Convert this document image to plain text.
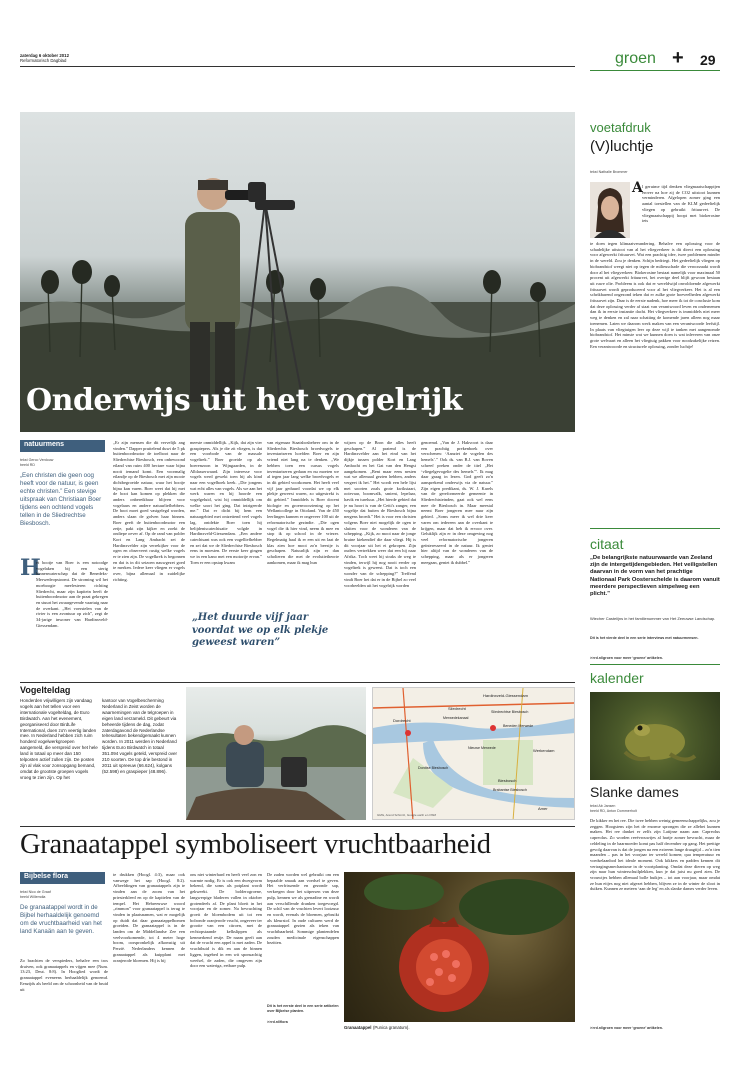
zaterdag 6 oktober 2012
Reformatorisch Dagblad	groen + 29
Onderwijs uit het vogelrijk
natuurmens
tekst Gerco Verdouw
beeld RD
„Een christen die geen oog heeft voor de natuur, is geen echte christen.” Een stevige uitspraak van Christiaan Boer tijdens een ochtend vogels tellen in de Sliedrechtse Biesbosch.
H
et bootje van Boer is een notoodge vogelaken bij een sterig binnenwaterschap dat de Benedeks-Merwedeopstoomt. De stroming wil het moeboogie meelesteren richting Sliedrecht, maar zijn kapitein heeft de buitenboordmotor aan de praat gekregen en stuurt het zwaargevende vaartuig naar de overkant. „Het voerstelen van de rivier is een avontuur op zich”, zegt de 34-jarige inwoner van Hardinxveld-Giessendam.
„Er zijn mensen die dit vervelijk ang vinden.” Dapper pruttelend duwt de 5 pk buitenboordmotor de toelboot naar de Sliedrechtse Biesbosch, een onbewoond eiland van ruim 400 hectare waar bijna nooit iemand komt. Een voormalig eilandje op de Biesbosch met zijn mooie dichtbegroeide natuur, waar het bootje bijna kan varen. Boer weet dat hij met de boot kan komen op plekken die anders onbereikbaar blijven voor vogelaars en andere natuurliefhebbers. De boot moet goed vastgelegd worden, anders slaan de golven haar binnen. Boer geeft de buitenboordmotor een zetje, pakt zijn kijker en zoekt de ondiepe oever af. Op de rand van polder Kort en Lang Ambacht zet de Hardinxvelder zijn verrekijker voor de ogen en observeert rustig welke vogels er te zien zijn. De vogelkrek is begonnen en dat is in dit seizoen nauwgezet goed te merken. Iedere keer vliegen er vogels over, bijna allemaal in zuidelijke richting.
meeste onmiddellijk. „Kijk, dat zijn vier graspiepers. Als je die zit vliegen, is dat een voorbode van de massale vogeltrek.” Boer groeide op als boerenzoon in Wijngaarden, in de Alblasserwaard. Zijn interesse voor vogels werd gewekt toen hij als kind naar een vogelboek keek. „Die jongens wat echt alles van vogels. Als we aan het werk waren en hij hoorde een vogelgeluid, wist hij onmiddellijk om welke soort het ging. Dat intrigeerde me.” Dat er dicht bij hem een natuurgebied met ontzettend veel vogels lag, ontdekte Boer toen hij belijdeniscatechisatie volgde in Hardinxveld-Giessendam. „Een andere catechisant was ook een vogelliefhebber en zei dat we de Sliedrechtse Biesbosch eens in moesten. De eerste keer gingen we in een kano met een motortje ervan.” Toen er een opstap kwam
van eigenaar Staatsbosbeheer om in de Sliedrechts Biesbosch broedvogels te inventariseren hoefden Boer en zijn vriend niet lang na te denken. „We hebben toen een cursus vogels inventariseren gedaan en nu moeten we al tegen jaar lang welke broedvogels er in dit gebied voorkomen. Het heeft veel vijf jaar geduurd voordat we op elk plekje geweest waren, zo uitgestrekt is dit gebied.” Inmiddels is Boer docent biologie en groenvoorziening op het Wellantcollege in Ottoland. Van de 450 leerlingen kunnen er ongeveer 100 uit de reformatorische gezindte. „Die ogen vogel die ik hier vind, neem ik mee en stop ik op school in de vriezer. Regelmatig haal ik er een uit en laat de klas zien hoe mooi zo'n beestje is geschapen. Natuurlijk zijn er dan scholieren die met de evolutietheorie aankomen, maar ik mag hun
wijzen op de Bron die alles heeft geschapen.” Al pratend is de Hardinxvelder aan het eind van het dijkje tussen polder Kort en Lang Ambacht en het Gat van den Hengst aangekomen. „Bent maar eens nesten wat we allemaal gezien hebben, anders vergeet ik het.” Het wordt een hele lijst met soorten zoals grote kwikstaart, ooievaar, boomvalk, smient, lepelaar, havik en tureluur. „Het hierde gebied dat je nu hoort is van de Cetti's zanger, een vogeltje dat buiten de Biesbosch bijna nergens broedt.” Het is voor een christen volgens Boer niet mogelijk de ogen te sluiten voor de wonderen van de schepping. „Kijk, zo mooi naar de jonge bruine kiekendief die daar vliegt. Hij is dit voorjaar uit het ei gekropen. Zijn ouders vertrekken weer dat een hij naar Afrika. Toch weet hij straks de weg te vinden, terwijl hij nog nooit eerder op vogeltrek is geweest. Dat is toch een wonder van de schepping?” Treffend vindt Boer het dat er in de Bijbel zo veel voorbeelden uit het vogelrijk worden
genoemd. „Van de J. Hakvoort is daar een prachtig prekenboek over verschenen: ‘Aanziet de vogelen des hemels’.” Ook ds. van B.J. van Boven schreef preken onder de titel „Het ‘vliegelgevogelte des hemels’”. Ik mag daar graag in lezen. God geeft zo'n aansprekend onderwijs via de natuur.” Zijn eigen predikant, ds. W. J. Karels van de gereformeerde gemeente in Sliedrechtsteinden, gaat ook wel eens mee de Biesbosch in. Maar meestal neemt Boer jongeren mee naar zijn gebied. „Soms meer ik wel drie keer varen om iedereen aan de overkant te krijgen, maar dat heb ik ervoor over. Geluklijk zijn er in deze omgeving nog veel reformatorische jongeren geïnteresseerd in de natuur. Ik geniet hier altijd van de wonderen van de schepping, maar als er jongeren meegaan, geniet ik dubbel.”
„Het duurde vijf jaar voordat we op elk plekje geweest waren”
Vogelteldag
Honderden vrijwilligers zijn vandaag vogels aan het tellen voor een internationale vogelteldag, de Euro Birdwatch. Aan het evenement, georganiseerd door BirdLife International, doen zo'n veertig landen mee. In Nederland hebben zich ruim honderd vogelwerkgroepen aangemeld, die verspreid over het hele land in totaal op meer dan 150 telposten actief zullen zijn. De posten zijn al vlak voor zonsopgang bemand, omdat de grootste groepen vogels vroeg te zien zijn. Op het
kantoor van Vogelbescherming Nederland in Zeist worden de waarnemingen van de telgroepen in eigen land verzameld. Dit gebeurt via beheerde tijdens de dag, zodat zaterdagavond de Nederlandse telresultaten bekendgemaakt kunnen worden. In 2011 werden in Nederland tijdens Euro Birdwatch in totaal 351.094 vogels geteld, verspreid over 210 soorten. De top drie bestond in 2011 uit spreeuw (66.624), kolgans (52.598) en graspieper (48.896).
Dordrecht
Sliedrecht
Merwedekanaal
Hardinxveld-Giessendam
Werkendam
Sliedrechtse Biesbosch
Biesbosch
Nieuwe Merwede
Beneden Merwede
Dordtse Biesbosch
Brabantse Biesbosch
Amer
GMG, Arend Schmitz, Google earth en OSM
Granaatappel symboliseert vruchtbaarheid
Bijbelse flora
tekst Nico de Graaf
beeld Willemdia
De granaatappel wordt in de Bijbel herhaaldelijk genoemd om de vruchtbaarheid van het land Kanaän aan te geven.
Zo brachten de verspieders, behalve een tros druiven, ook granaatappels en vijgen mee (Num. 13:23, Deut. 8:8). In Hooglied wordt de granaatappel eveneens herhaaldelijk genoemd. Eenzijds als beeld om de schoonheid van de bruid uit
te drukken (Hoogl. 4:3), maar ook vanwege het sap (Hoogl. 8:2). Afbeeldingen van granaatappels zijn te vinden aan de zoom van het priesterkleed en op de kapitelen van de tempel. Het Hebreeuwse woord „rimmon” voor granaatappel is terug te vinden in plaatsnamen, wat er mogelijk op duidt dat daar granaatappelbomen groeiden. De granaatappel is in de landen om de Middellandse Zee een veelvoorkomende, tot 4 meter hoge boom, oorspronkelijk afkomstig uit Perzië. Nederlanders kennen de granaatappel als kuipplant met oranjerode bloemen. Hij is bij
ons niet winterhard en heeft veel zon en warmte nodig. Er is ook een dwergvorm bekend, die soms als potplant wordt gekweekt. De bolderogroene, langwerpige bladeren vallen in oktober grotendeels af. De plant bloeit in het voorjaar en de zomer. Na bevruchting groeit de bloembodem uit tot een bolronde oranjerode vrucht, ongeveer ter grootte van een citroen, met de rechtopstaande kelkslippen als kenmerkend restje. De naam geeft aan dat de vrucht een appel is met zaden. De vruchthuid is dik en aan de binnen liggen, ingebed in een wit sponsachtig weefsel, de zaden, die omgeven zijn door een wateriga, eetbare pulp.
De zaden worden wel gebruikt om een bepaalde smaak aan voedsel te geven. Het verfrissende en gezonde sap, verkregen door het uitpersen van deze pulp, kennen we als grenadine en wordt aan verschillende dranken toegevoegd. De schil van de vruchten levert looizuur en wordt, evenals de bloemen, gebruikt als kleurstof. In oude culturen werd de granaatappel gezien als teken van vruchtbaarheid. Sommige plantendelen zouden medicinale eigenschappen bezitten.
Dit is het eerste deel in een serie artikelen over Bijbelse planten.
>>rd.nl/flora
Granaatappel (Punica granatum).
voetafdruk
(V)luchtje
tekst Nathalie Brommer
A l geruime tijd denken vliegmaatschappijen erover na hoe zij de CO2 uitstoot kunnen verminderen. Afgelopen zomer ging een aantal toestellen van de KLM gedeeltelijk vliegen op gebruikt frituurvet. De vliegmaatschappij hoopt met biokerosine iets
te doen tegen klimaatverandering. Behalve een oplossing voor de schadelijke uitstoot van al het vliegverkeer is dit direct een oplossing voor afgewerkt frituurvet. Wat een prachtig idee, twee problemen minder in de wereld. Zou je denken. Schijn bedriegt. Het gedeeltelijk vliegen op biobrandstof weegt niet op tegen de milieuschade die veroorzaakt wordt door al het vliegverkeer. Biokerosine bestaat namelijk voor maximaal 50 procent uit afgewerkt frituurvet, het overige deel blijft gewoon bestaan uit ruwe olie. Probleem is ook dat er wereldwijd onvoldoende afgewerkt frituurvet wordt geproduceerd voor al het vliegverkeer. Het is al een schrikbarend ongezond teken dat er zulke grote hoeveelheden afgewerkt frituurvet zijn. Daar is de eerste nadenk, hoe meer ik tot de conclusie kom dat deze oplossing verder af staat van verantwoord leven en ondernemen dan ik in eerste instantie dacht. Het vliegverkeer is immiddels niet meer weg te denken en zal naar schatting de komende jaren alleen nog maar toenemen. Laten we daarom werk maken van een verantwoorde leefstijl. In plaats van vliegtuigen leer op deze wijl te tanken met aangenomde biobrandstof. Het minste wat we kunnen doen is wat inleveren van onze grote welvaart en alleen het vliegtuig pakken voor noodzakelijke reizen. Een verantwoorde en structurele oplossing, zonder luchtje!
Dit is het vierde deel in een serie interviews met natuurmensen.
>>rd.nl/groen voor meer ‘groene’ artikelen.
citaat
„De belangrijkste natuurwaarde van Zeeland zijn de intergetijdengebieden. Het veiligstellen daarvan in de vorm van het prachtige Nationaal Park Oosterschelde is daarom vanuit meerdere perspectieven simpelweg een plicht.”
Wiecher Castelijns in het familienummer van Het Zeeuwse Landschap.
kalender
Slanke dames
tekst Ab Jansen
beeld RD, Anton Dommerholt
De kikker en het ree. Die twee hebben weinig gemeenschappelijks, zou je zeggen. Hoogstens zijn het de enorme sprongen die ze allebei kunnen maken. Het ree danket er zelfs zijn Latijnse naam aan: Capreolus capreolus. Zo worden reeëvrouwtjes al hartje zomer bevrucht, maar de celdeling in de baarmoeder komt pas half december op gang. Het prettige gevolg daarvan is dat de jongen na een extreem lange draagtijd – zo'n tien maanden – pas in het voorjaar ter wereld komen; qua temperatuur en voedselaanbod het ideale moment. Ook kikkers en padden kennen dit vertragingsmechanisme in de voortplanting. Omdat deze dieren op weg zijn naar hun winterschuilplekken, kun je dat juist nu goed zien. De vrouwtjes hebben allemaal bolle buikjes – tot aan voorjaar, maar omdat ze hun eitjes nog niet afgezet hebben, blijven ze in de winter de sloot in duiken. Kunnen ze meteen ‘aan de leg’ en als slanke dames verder leven.
>>rd.nl/groen voor meer ‘groene’ artikelen.
